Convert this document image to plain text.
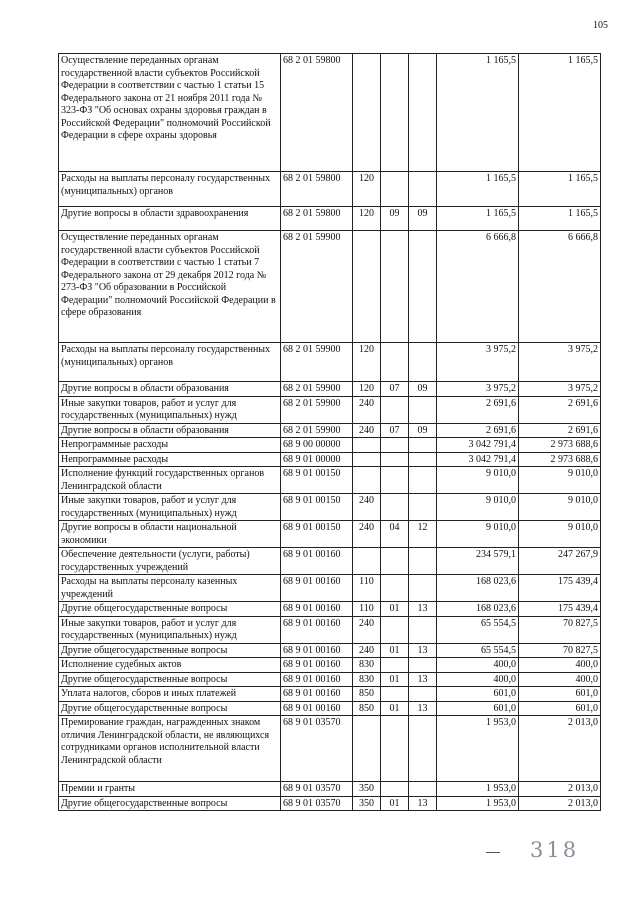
105
Осуществление переданных органам государственной власти субъектов Российской Федерации в соответствии с частью 1 статьи 15 Федерального закона от 21 ноября 2011 года № 323-ФЗ "Об основах охраны здоровья граждан в Российской Федерации" полномочий Российской Федерации в сфере охраны здоровья	68 2 01 59800				1 165,5	1 165,5
Расходы на выплаты персоналу государственных (муниципальных) органов	68 2 01 59800	120			1 165,5	1 165,5
Другие вопросы в области здравоохранения	68 2 01 59800	120	09	09	1 165,5	1 165,5
Осуществление переданных органам государственной власти субъектов Российской Федерации в соответствии с частью 1 статьи 7 Федерального закона от 29 декабря 2012 года № 273-ФЗ "Об образовании в Российской Федерации" полномочий Российской Федерации в сфере образования	68 2 01 59900				6 666,8	6 666,8
Расходы на выплаты персоналу государственных (муниципальных) органов	68 2 01 59900	120			3 975,2	3 975,2
Другие вопросы в области образования	68 2 01 59900	120	07	09	3 975,2	3 975,2
Иные закупки товаров, работ и услуг для государственных (муниципальных) нужд	68 2 01 59900	240			2 691,6	2 691,6
Другие вопросы в области образования	68 2 01 59900	240	07	09	2 691,6	2 691,6
Непрограммные расходы	68 9 00 00000				3 042 791,4	2 973 688,6
Непрограммные расходы	68 9 01 00000				3 042 791,4	2 973 688,6
Исполнение функций государственных органов Ленинградской области	68 9 01 00150				9 010,0	9 010,0
Иные закупки товаров, работ и услуг для государственных (муниципальных) нужд	68 9 01 00150	240			9 010,0	9 010,0
Другие вопросы в области национальной экономики	68 9 01 00150	240	04	12	9 010,0	9 010,0
Обеспечение деятельности (услуги, работы) государственных учреждений	68 9 01 00160				234 579,1	247 267,9
Расходы на выплаты персоналу казенных учреждений	68 9 01 00160	110			168 023,6	175 439,4
Другие общегосударственные вопросы	68 9 01 00160	110	01	13	168 023,6	175 439,4
Иные закупки товаров, работ и услуг для государственных (муниципальных) нужд	68 9 01 00160	240			65 554,5	70 827,5
Другие общегосударственные вопросы	68 9 01 00160	240	01	13	65 554,5	70 827,5
Исполнение судебных актов	68 9 01 00160	830			400,0	400,0
Другие общегосударственные вопросы	68 9 01 00160	830	01	13	400,0	400,0
Уплата налогов, сборов и иных платежей	68 9 01 00160	850			601,0	601,0
Другие общегосударственные вопросы	68 9 01 00160	850	01	13	601,0	601,0
Премирование граждан, награжденных знаком отличия Ленинградской области, не являющихся сотрудниками органов исполнительной власти Ленинградской области	68 9 01 03570				1 953,0	2 013,0
Премии и гранты	68 9 01 03570	350			1 953,0	2 013,0
Другие общегосударственные вопросы	68 9 01 03570	350	01	13	1 953,0	2 013,0
318
